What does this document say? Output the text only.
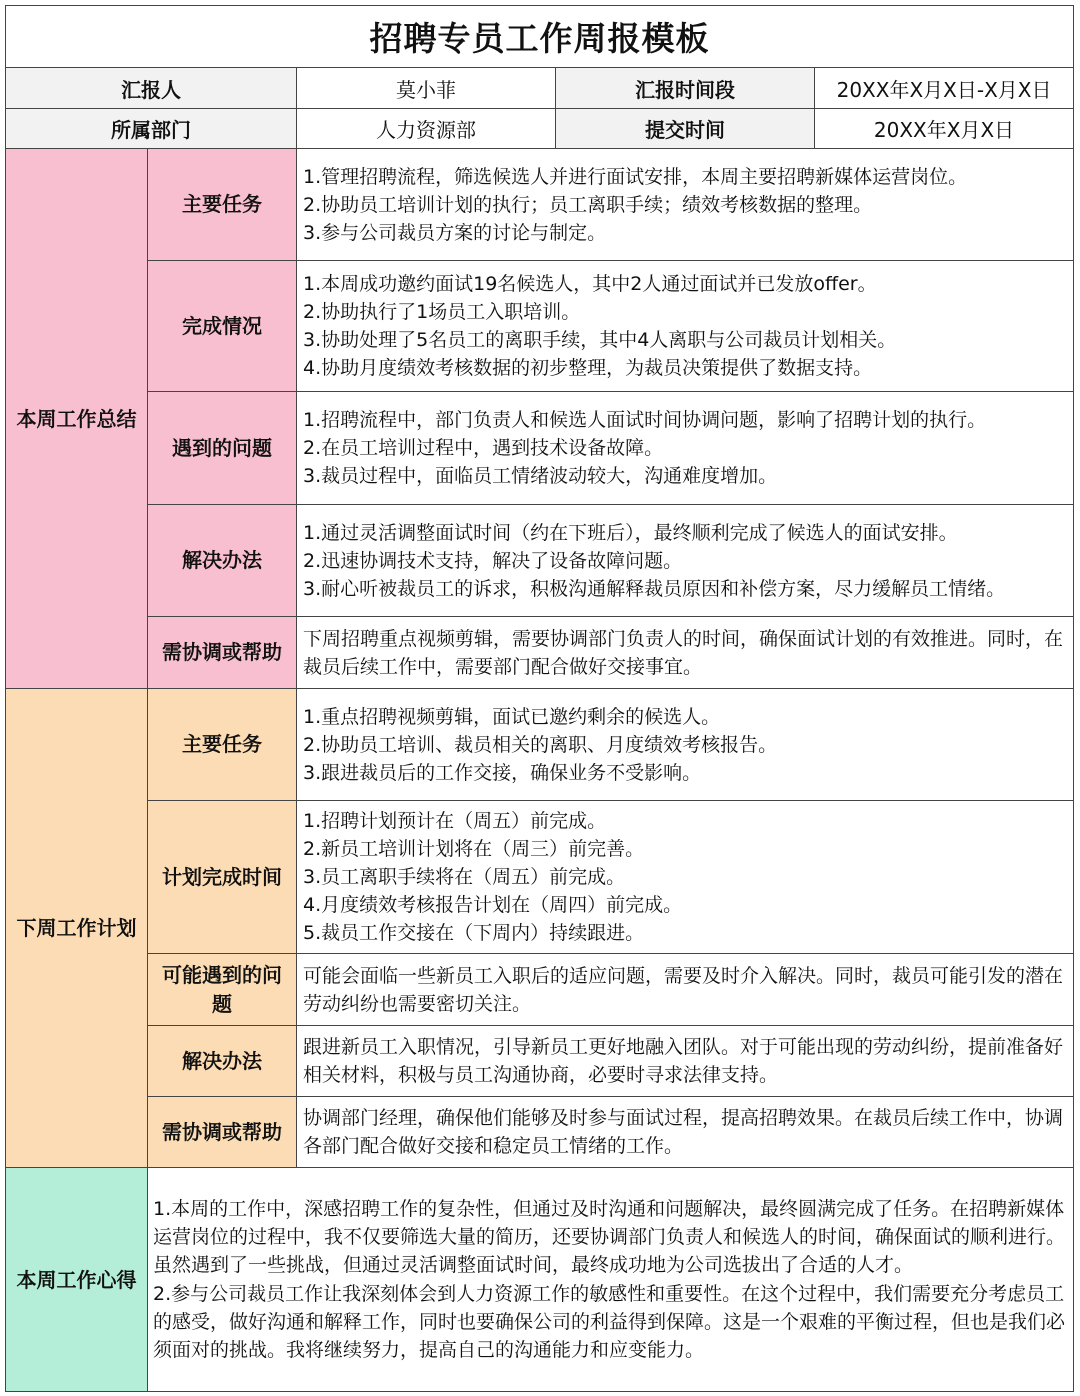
招聘专员工作周报模板				
汇报人		莫小菲	汇报时间段	20XX年X月X日-X月X日
所属部门		人力资源部	提交时间	20XX年X月X日
本周工作总结	主要任务	1.管理招聘流程，筛选候选人并进行面试安排，本周主要招聘新媒体运营岗位。
2.协助员工培训计划的执行；员工离职手续；绩效考核数据的整理。
3.参与公司裁员方案的讨论与制定。		

	完成情况	1.本周成功邀约面试19名候选人，其中2人通过面试并已发放offer。
2.协助执行了1场员工入职培训。
3.协助处理了5名员工的离职手续，其中4人离职与公司裁员计划相关。
4.协助月度绩效考核数据的初步整理，为裁员决策提供了数据支持。		

	遇到的问题	1.招聘流程中，部门负责人和候选人面试时间协调问题，影响了招聘计划的执行。
2.在员工培训过程中，遇到技术设备故障。
3.裁员过程中，面临员工情绪波动较大，沟通难度增加。		

	解决办法	1.通过灵活调整面试时间（约在下班后），最终顺利完成了候选人的面试安排。
2.迅速协调技术支持，解决了设备故障问题。
3.耐心听被裁员工的诉求，积极沟通解释裁员原因和补偿方案，尽力缓解员工情绪。		

	需协调或帮助	下周招聘重点视频剪辑，需要协调部门负责人的时间，确保面试计划的有效推进。同时，在裁员后续工作中，需要部门配合做好交接事宜。		
下周工作计划	主要任务	1.重点招聘视频剪辑，面试已邀约剩余的候选人。
2.协助员工培训、裁员相关的离职、月度绩效考核报告。
3.跟进裁员后的工作交接，确保业务不受影响。		

	计划完成时间	1.招聘计划预计在（周五）前完成。
2.新员工培训计划将在（周三）前完善。
3.员工离职手续将在（周五）前完成。
4.月度绩效考核报告计划在（周四）前完成。
5.裁员工作交接在（下周内）持续跟进。		

	可能遇到的问题	可能会面临一些新员工入职后的适应问题，需要及时介入解决。同时，裁员可能引发的潜在劳动纠纷也需要密切关注。		
	解决办法	跟进新员工入职情况，引导新员工更好地融入团队。对于可能出现的劳动纠纷，提前准备好相关材料，积极与员工沟通协商，必要时寻求法律支持。		
	需协调或帮助	协调部门经理，确保他们能够及时参与面试过程，提高招聘效果。在裁员后续工作中，协调各部门配合做好交接和稳定员工情绪的工作。		
本周工作心得	1.本周的工作中，深感招聘工作的复杂性，但通过及时沟通和问题解决，最终圆满完成了任务。在招聘新媒体运营岗位的过程中，我不仅要筛选大量的简历，还要协调部门负责人和候选人的时间，确保面试的顺利进行。虽然遇到了一些挑战，但通过灵活调整面试时间，最终成功地为公司选拔出了合适的人才。
2.参与公司裁员工作让我深刻体会到人力资源工作的敏感性和重要性。在这个过程中，我们需要充分考虑员工的感受，做好沟通和解释工作，同时也要确保公司的利益得到保障。这是一个艰难的平衡过程，但也是我们必须面对的挑战。我将继续努力，提高自己的沟通能力和应变能力。			
